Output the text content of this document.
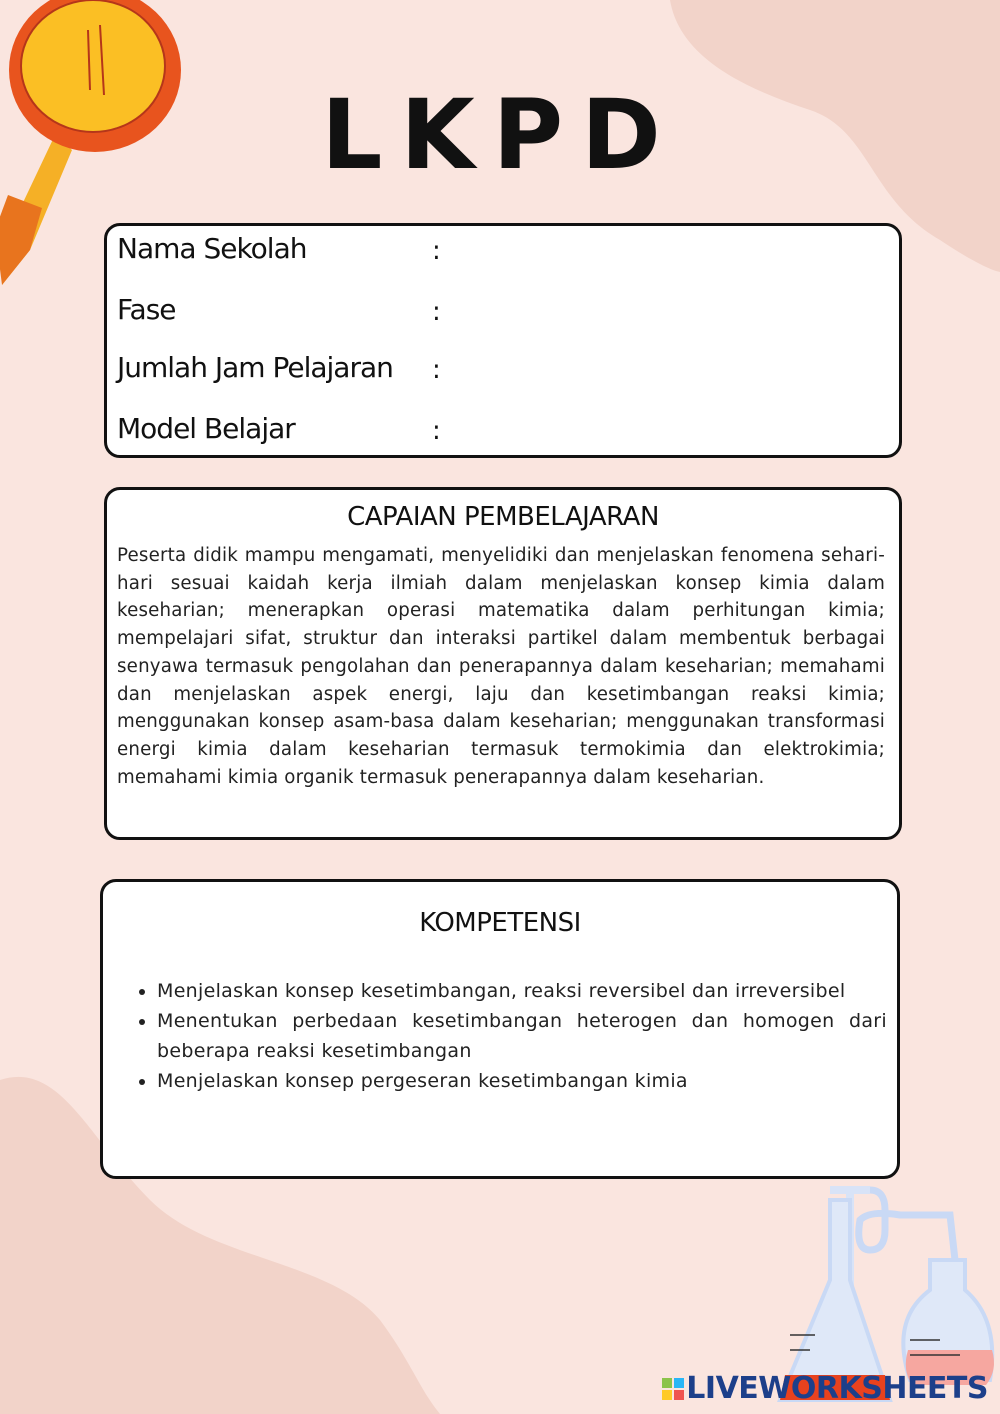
LKPD
Nama Sekolah	:
Fase	:
Jumlah Jam Pelajaran :
Model Belajar	:
CAPAIAN PEMBELAJARAN
Peserta didik mampu mengamati, menyelidiki dan menjelaskan fenomena sehari-hari sesuai kaidah kerja ilmiah dalam menjelaskan konsep kimia dalam keseharian; menerapkan operasi matematika dalam perhitungan kimia; mempelajari sifat, struktur dan interaksi partikel dalam membentuk berbagai senyawa termasuk pengolahan dan penerapannya dalam keseharian; memahami dan menjelaskan aspek energi, laju dan kesetimbangan reaksi kimia; menggunakan konsep asam-basa dalam keseharian; menggunakan transformasi energi kimia dalam keseharian termasuk termokimia dan elektrokimia; memahami kimia organik termasuk penerapannya dalam keseharian.
KOMPETENSI
• Menjelaskan konsep kesetimbangan, reaksi reversibel dan irreversibel
• Menentukan perbedaan kesetimbangan heterogen dan homogen dari beberapa reaksi kesetimbangan
• Menjelaskan konsep pergeseran kesetimbangan kimia
LIVEWORKSHEETS
